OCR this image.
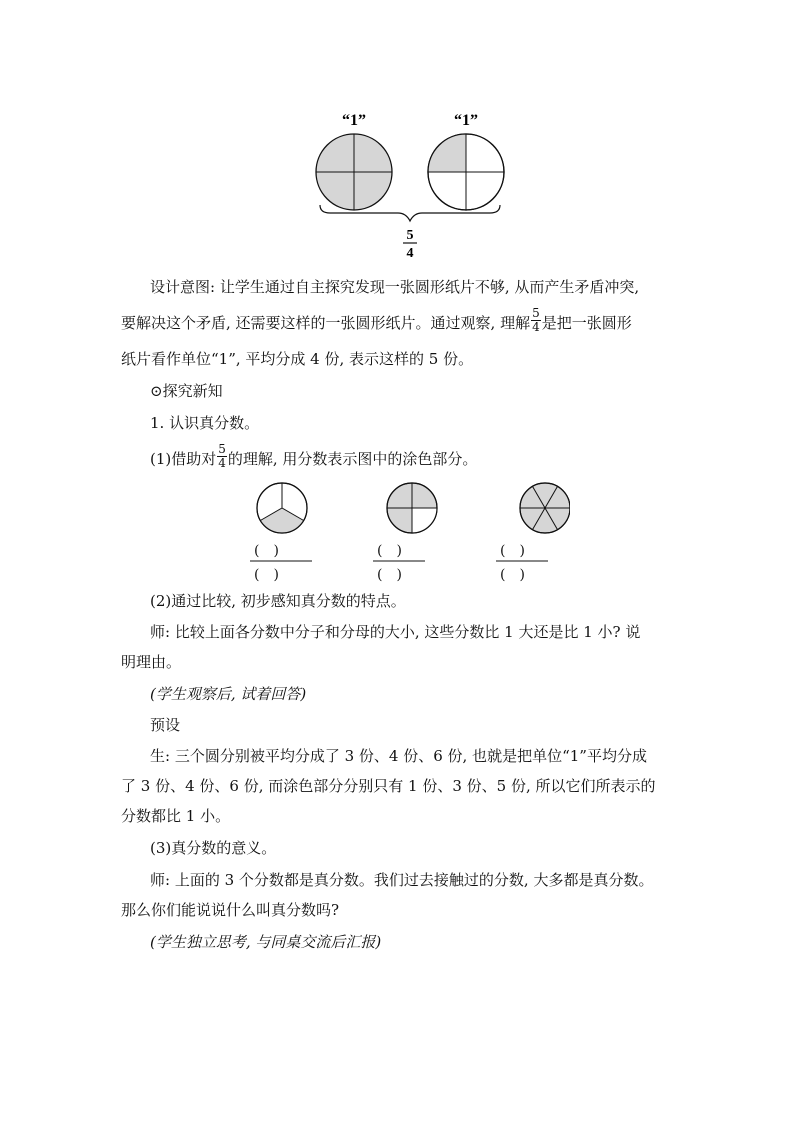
“1”	“1”
5
4
设计意图: 让学生通过自主探究发现一张圆形纸片不够, 从而产生矛盾冲突,
要解决这个矛盾, 还需要这样的一张圆形纸片。通过观察, 理解 $\frac{5}{4}$ 是把一张圆形
纸片看作单位“1”, 平均分成 4 份, 表示这样的 5 份。
⊙探究新知
1. 认识真分数。
(1)借助对 $\frac{5}{4}$ 的理解, 用分数表示图中的涂色部分。
(　)
(　)
(　)
(　)
(　)
(　)
(2)通过比较, 初步感知真分数的特点。
师: 比较上面各分数中分子和分母的大小, 这些分数比 1 大还是比 1 小? 说
明理由。
(学生观察后, 试着回答)
预设
生: 三个圆分别被平均分成了 3 份、4 份、6 份, 也就是把单位“1”平均分成
了 3 份、4 份、6 份, 而涂色部分分别只有 1 份、3 份、5 份, 所以它们所表示的
分数都比 1 小。
(3)真分数的意义。
师: 上面的 3 个分数都是真分数。我们过去接触过的分数, 大多都是真分数。
那么你们能说说什么叫真分数吗?
(学生独立思考, 与同桌交流后汇报)
